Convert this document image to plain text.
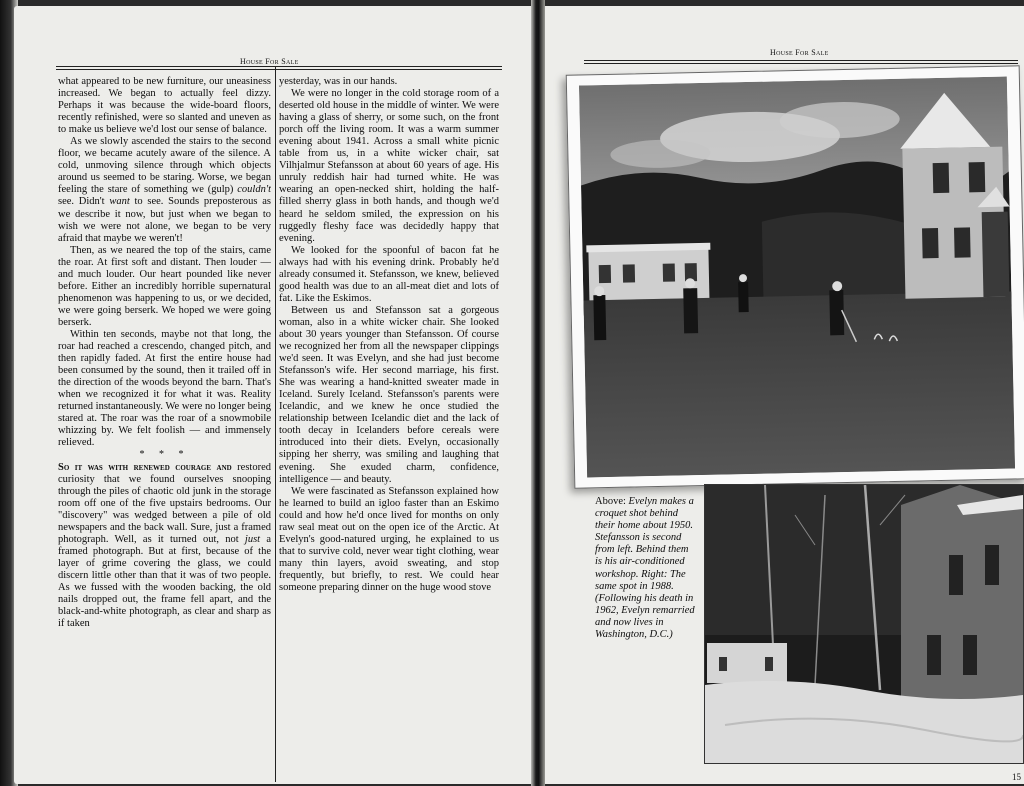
House For Sale

what appeared to be new furniture, our uneasiness increased. We began to actually feel dizzy. Perhaps it was because the wide-board floors, recently refinished, were so slanted and uneven as to make us believe we'd lost our sense of balance.

As we slowly ascended the stairs to the second floor, we became acutely aware of the silence. A cold, unmoving silence through which objects around us seemed to be staring. Worse, we began feeling the stare of something we (gulp) couldn't see. Didn't want to see. Sounds preposterous as we describe it now, but just when we began to wish we were not alone, we began to be very afraid that maybe we weren't!

Then, as we neared the top of the stairs, came the roar. At first soft and distant. Then louder — and much louder. Our heart pounded like never before. Either an incredibly horrible supernatural phenomenon was happening to us, or we decided, we were going berserk. We hoped we were going berserk.

Within ten seconds, maybe not that long, the roar had reached a crescendo, changed pitch, and then rapidly faded. At first the entire house had been consumed by the sound, then it trailed off in the direction of the woods beyond the barn. That's when we recognized it for what it was. Reality returned instantaneously. We were no longer being stared at. The roar was the roar of a snowmobile whizzing by. We felt foolish — and immensely relieved.

* * *

So it was with renewed courage and restored curiosity that we found ourselves snooping through the piles of chaotic old junk in the storage room off one of the five upstairs bedrooms. Our "discovery" was wedged between a pile of old newspapers and the back wall. Sure, just a framed photograph. Well, as it turned out, not just a framed photograph. But at first, because of the layer of grime covering the glass, we could discern little other than that it was of two people. As we fussed with the wooden backing, the old nails dropped out, the frame fell apart, and the black-and-white photograph, as clear and sharp as if taken

yesterday, was in our hands.

We were no longer in the cold storage room of a deserted old house in the middle of winter. We were having a glass of sherry, or some such, on the front porch off the living room. It was a warm summer evening about 1941. Across a small white picnic table from us, in a white wicker chair, sat Vilhjalmur Stefansson at about 60 years of age. His unruly reddish hair had turned white. He was wearing an open-necked shirt, holding the half-filled sherry glass in both hands, and though we'd heard he seldom smiled, the expression on his ruggedly fleshy face was decidedly happy that evening.

We looked for the spoonful of bacon fat he always had with his evening drink. Probably he'd already consumed it. Stefansson, we knew, believed good health was due to an all-meat diet and lots of fat. Like the Eskimos.

Between us and Stefansson sat a gorgeous woman, also in a white wicker chair. She looked about 30 years younger than Stefansson. Of course we recognized her from all the newspaper clippings we'd seen. It was Evelyn, and she had just become Stefansson's wife. Her second marriage, his first. She was wearing a hand-knitted sweater made in Iceland. Surely Iceland. Stefansson's parents were Icelandic, and we knew he once studied the relationship between Icelandic diet and the lack of tooth decay in Icelanders before cereals were introduced into their diets. Evelyn, occasionally sipping her sherry, was smiling and laughing that evening. She exuded charm, confidence, intelligence — and beauty.

We were fascinated as Stefansson explained how he learned to build an igloo faster than an Eskimo could and how he'd once lived for months on only raw seal meat out on the open ice of the Arctic. At Evelyn's good-natured urging, he explained to us that to survive cold, never wear tight clothing, wear many thin layers, avoid sweating, and stop frequently, but briefly, to rest. We could hear someone preparing dinner on the huge wood stove

House For Sale
Above: Evelyn makes a croquet shot behind their home about 1950. Stefansson is second from left. Behind them is his air-conditioned workshop. Right: The same spot in 1988. (Following his death in 1962, Evelyn remarried and now lives in Washington, D.C.)
15
